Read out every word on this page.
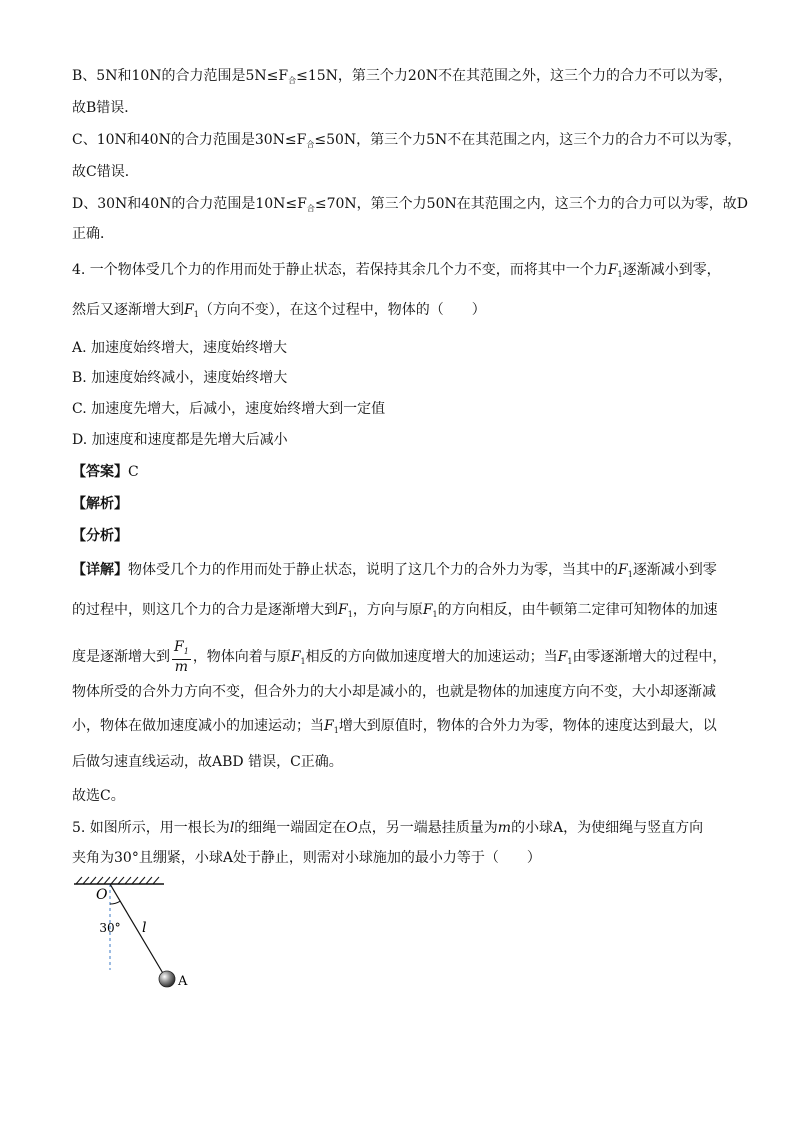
B、5N和10N的合力范围是$5N\le F_合\le 15N$，第三个力20N不在其范围之外，这三个力的合力不可以为零，
故B错误．
C、10N和40N的合力范围是$30N\le F_合\le 50N$，第三个力5N不在其范围之内，这三个力的合力不可以为零，
故C错误．
D、30N和40N的合力范围是$10N\le F_合\le 70N$，第三个力50N在其范围之内，这三个力的合力可以为零，故D
正确．
4. 一个物体受几个力的作用而处于静止状态，若保持其余几个力不变，而将其中一个力$F_1$逐渐减小到零，
然后又逐渐增大到$F_1$（方向不变），在这个过程中，物体的（　　）
A. 加速度始终增大，速度始终增大
B. 加速度始终减小，速度始终增大
C. 加速度先增大，后减小，速度始终增大到一定值
D. 加速度和速度都是先增大后减小
【答案】C
【解析】
【分析】
【详解】物体受几个力的作用而处于静止状态，说明了这几个力的合外力为零，当其中的$F_1$逐渐减小到零
的过程中，则这几个力的合力是逐渐增大到$F_1$，方向与原$F_1$的方向相反，由牛顿第二定律可知物体的加速
度是逐渐增大到 $\frac{F_1}{m}$ ，物体向着与原$F_1$相反的方向做加速度增大的加速运动；当$F_1$由零逐渐增大的过程中，
物体所受的合外力方向不变，但合外力的大小却是减小的，也就是物体的加速度方向不变，大小却逐渐减
小，物体在做加速度减小的加速运动；当$F_1$增大到原值时，物体的合外力为零，物体的速度达到最大，以
后做匀速直线运动，故ABD 错误，C正确。
故选C。
5. 如图所示，用一根长为l的细绳一端固定在O点，另一端悬挂质量为m的小球A，为使细绳与竖直方向
夹角为30°且绷紧，小球A处于静止，则需对小球施加的最小力等于（　　）
O
30° l
A
